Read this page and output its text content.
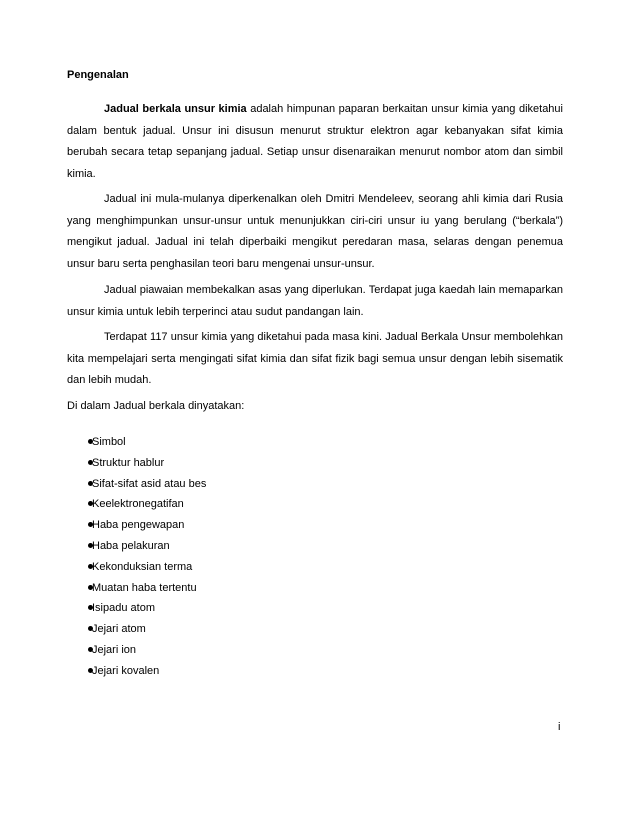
Pengenalan

Jadual berkala unsur kimia adalah himpunan paparan berkaitan unsur kimia yang diketahui dalam bentuk jadual. Unsur ini disusun menurut struktur elektron agar kebanyakan sifat kimia berubah secara tetap sepanjang jadual. Setiap unsur disenaraikan menurut nombor atom dan simbil kimia.

Jadual ini mula-mulanya diperkenalkan oleh Dmitri Mendeleev, seorang ahli kimia dari Rusia yang menghimpunkan unsur-unsur untuk menunjukkan ciri-ciri unsur iu yang berulang (“berkala”) mengikut jadual. Jadual ini telah diperbaiki mengikut peredaran masa, selaras dengan penemua unsur baru serta penghasilan teori baru mengenai unsur-unsur.

Jadual piawaian membekalkan asas yang diperlukan. Terdapat juga kaedah lain memaparkan unsur kimia untuk lebih terperinci atau sudut pandangan lain.

Terdapat 117 unsur kimia yang diketahui pada masa kini. Jadual Berkala Unsur membolehkan kita mempelajari serta mengingati sifat kimia dan sifat fizik bagi semua unsur dengan lebih sisematik dan lebih mudah.

Di dalam Jadual berkala dinyatakan:

Simbol
Struktur hablur
Sifat-sifat asid atau bes
Keelektronegatifan
Haba pengewapan
Haba pelakuran
Kekonduksian terma
Muatan haba tertentu
Isipadu atom
Jejari atom
Jejari ion
Jejari kovalen
i
